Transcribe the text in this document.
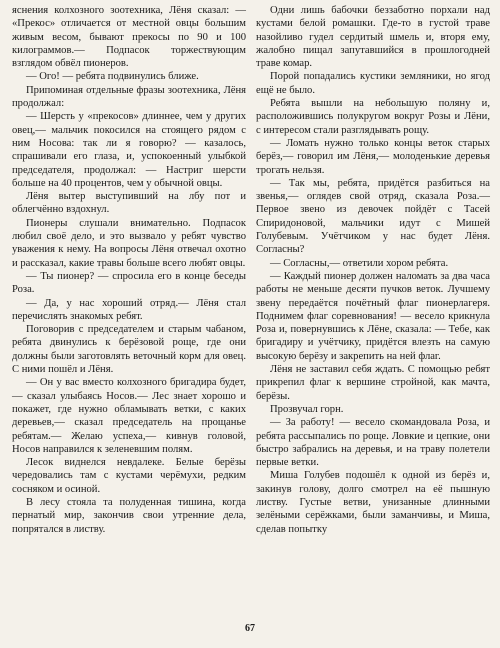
яснения колхозного зоотехника, Лёня сказал: — «Прекос» отличается от местной овцы большим живым весом, бывают прекосы по 90 и 100 килограммов.— Подпасок торжествующим взглядом обвёл пионеров.

— Ого! — ребята подвинулись ближе.

Припоминая отдельные фразы зоотехника, Лёня продолжал:

— Шерсть у «прекосов» длиннее, чем у других овец,— мальчик покосился на стоящего рядом с ним Носова: так ли я говорю? — казалось, спрашивали его глаза, и, успокоенный улыбкой председателя, продолжал: — Настриг шерсти больше на 40 процентов, чем у обычной овцы.

Лёня вытер выступивший на лбу пот и облегчённо вздохнул.

Пионеры слушали внимательно. Подпасок любил своё дело, и это вызвало у ребят чувство уважения к нему. На вопросы Лёня отвечал охотно и рассказал, какие травы больше всего любят овцы.

— Ты пионер? — спросила его в конце беседы Роза.

— Да, у нас хороший отряд.— Лёня стал перечислять знакомых ребят.

Поговорив с председателем и старым чабаном, ребята двинулись к берёзовой роще, где они должны были заготовлять веточный корм для овец. С ними пошёл и Лёня.

— Он у вас вместо колхозного бригадира будет,— сказал улыбаясь Носов.— Лес знает хорошо и покажет, где нужно обламывать ветки, с каких деревьев,— сказал председатель на прощанье ребятам.— Желаю успеха,— кивнув головой, Носов направился к зеленевшим полям.

Лесок виднелся невдалеке. Белые берёзы чередовались там с кустами черёмухи, редким сосняком и осиной.

В лесу стояла та полуденная тишина, когда пернатый мир, закончив свои утренние дела, попрятался в листву.

Одни лишь бабочки беззаботно порхали над кустами белой ромашки. Где-то в густой траве назойливо гудел сердитый шмель и, вторя ему, жалобно пищал запутавшийся в прошлогодней траве комар.

Порой попадались кустики земляники, но ягод ещё не было.

Ребята вышли на небольшую поляну и, расположившись полукругом вокруг Розы и Лёни, с интересом стали разглядывать рощу.

— Ломать нужно только концы веток старых берёз,— говорил им Лёня,— молоденькие деревья трогать нельзя.

— Так мы, ребята, придётся разбиться на звенья,— оглядев свой отряд, сказала Роза.— Первое звено из девочек пойдёт с Тасей Спиридоновой, мальчики идут с Мишей Голубевым. Учётчиком у нас будет Лёня. Согласны?

— Согласны,— ответили хором ребята.

— Каждый пионер должен наломать за два часа работы не меньше десяти пучков веток. Лучшему звену передаётся почётный флаг пионерлагеря. Поднимем флаг соревнования! — весело крикнула Роза и, повернувшись к Лёне, сказала: — Тебе, как бригадиру и учётчику, придётся влезть на самую высокую берёзу и закрепить на ней флаг.

Лёня не заставил себя ждать. С помощью ребят прикрепил флаг к вершине стройной, как мачта, берёзы.

Прозвучал горн.

— За работу! — весело скомандовала Роза, и ребята рассыпались по роще. Ловкие и цепкие, они быстро забрались на деревья, и на траву полетели первые ветки.

Миша Голубев подошёл к одной из берёз и, закинув голову, долго смотрел на её пышную листву. Густые ветви, унизанные длинными зелёными серёжками, были заманчивы, и Миша, сделав попытку

67
